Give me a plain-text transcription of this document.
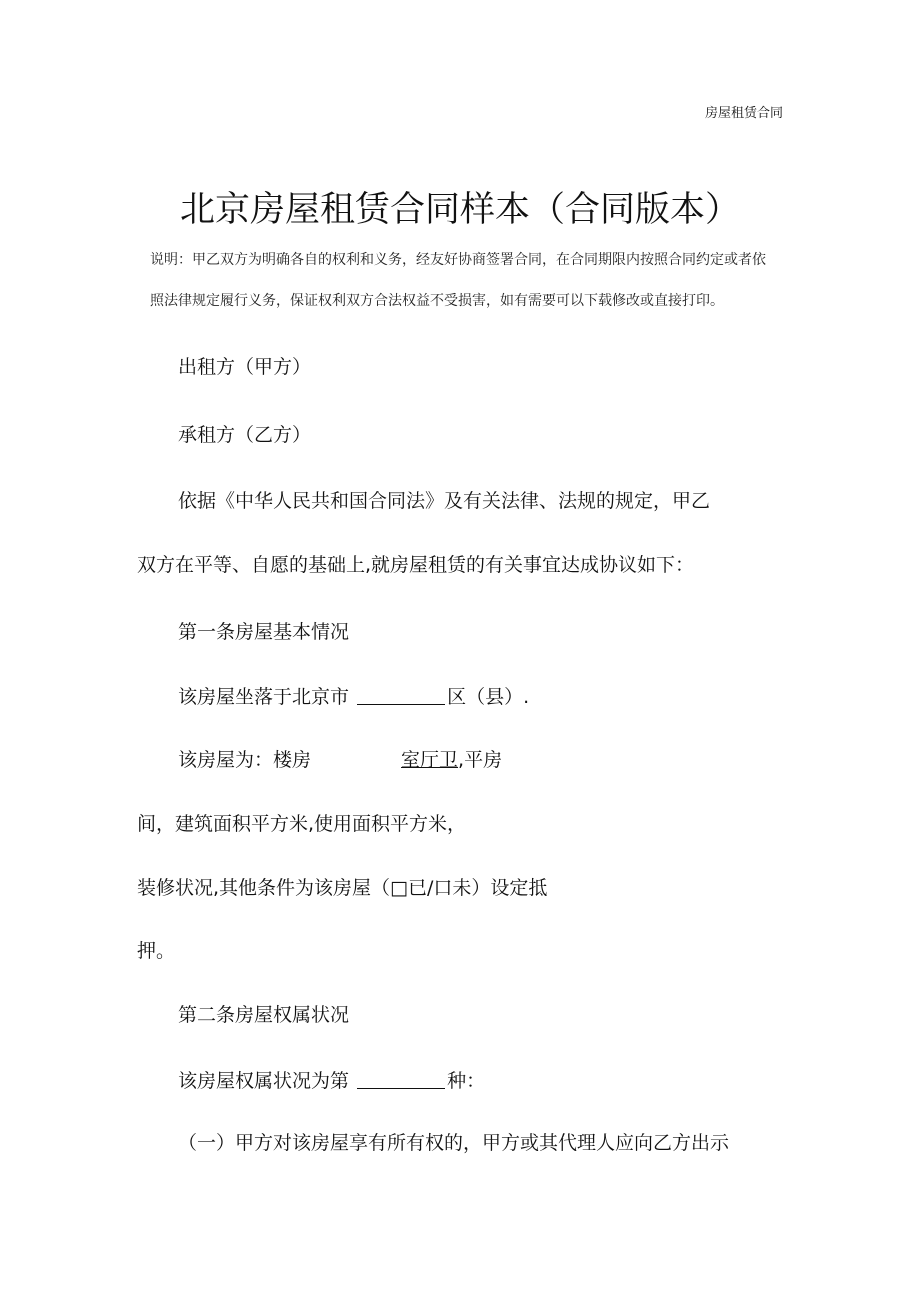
房屋租赁合同
北京房屋租赁合同样本（合同版本）

说明：甲乙双方为明确各自的权利和义务，经友好协商签署合同，在合同期限内按照合同约定或者依

照法律规定履行义务，保证权利双方合法权益不受损害，如有需要可以下载修改或直接打印。

出租方（甲方）

承租方（乙方）

依据《中华人民共和国合同法》及有关法律、法规的规定，甲乙

双方在平等、自愿的基础上,就房屋租赁的有关事宜达成协议如下：

第一条房屋基本情况

该房屋坐落于北京市	区（县）.

该房屋为：楼房	室厅卫,平房

间，建筑面积平方米,使用面积平方米，

装修状况,其他条件为该房屋（□已/口未）设定抵

押。

第二条房屋权属状况

该房屋权属状况为第	种：

（一）甲方对该房屋享有所有权的，甲方或其代理人应向乙方出示
